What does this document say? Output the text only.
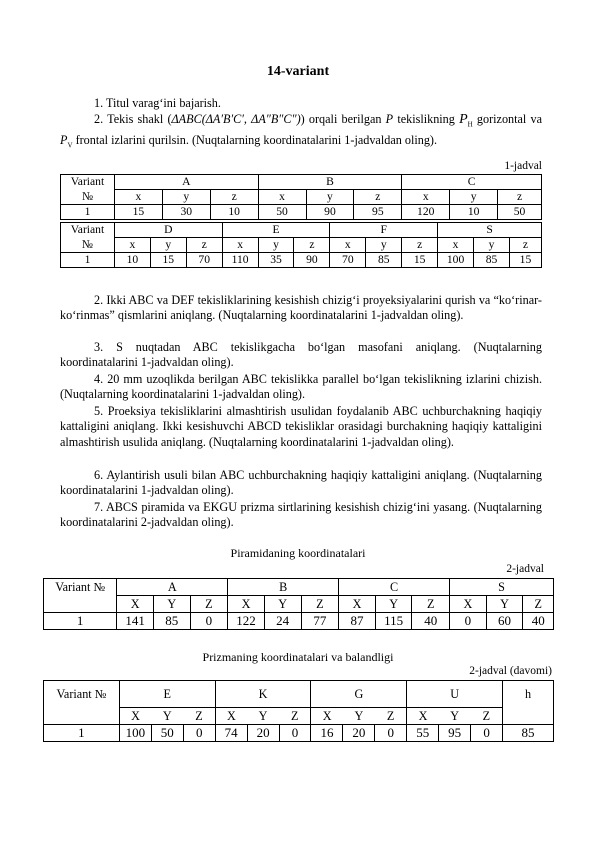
14-variant
1. Titul varag‘ini bajarish.
2. Tekis shakl (ΔABC(ΔA′B′C′, ΔA″B″C″)) orqali berilgan P tekislikning $P_H$ gorizontal va $P_V$ frontal izlarini qurilsin. (Nuqtalarning koordinatalarini 1-jadvaldan oling).
1-jadval
Variant	A			B			C		
№	x	y	z	x	y	z	x	y	z
1	15	30	10	50	90	95	120	10	50
Variant	D			E			F			S		
№	x	y	z	x	y	z	x	y	z	x	y	z
1	10	15	70	110	35	90	70	85	15	100	85	15
2. Ikki ABC va DEF tekisliklarining kesishish chizig‘i proyeksiyalarini qurish va “ko‘rinar-ko‘rinmas” qismlarini aniqlang. (Nuqtalarning koordinatalarini 1-jadvaldan oling).
3. S nuqtadan ABC tekislikgacha bo‘lgan masofani aniqlang. (Nuqtalarning koordinatalarini 1-jadvaldan oling).
4. 20 mm uzoqlikda berilgan ABC tekislikka parallel bo‘lgan tekislikning izlarini chizish. (Nuqtalarning koordinatalarini 1-jadvaldan oling).
5. Proeksiya tekisliklarini almashtirish usulidan foydalanib ABC uchburchakning haqiqiy kattaligini aniqlang. Ikki kesishuvchi ABCD tekisliklar orasidagi burchakning haqiqiy kattaligini almashtirish usulida aniqlang. (Nuqtalarning koordinatalarini 1-jadvaldan oling).
6. Aylantirish usuli bilan ABC uchburchakning haqiqiy kattaligini aniqlang. (Nuqtalarning koordinatalarini 1-jadvaldan oling).
7. ABCS piramida va EKGU prizma sirtlarining kesishish chizig‘ini yasang. (Nuqtalarning koordinatalarini 2-jadvaldan oling).
Piramidaning koordinatalari
2-jadval
Variant №	A			B			C			S		
	X	Y	Z	X	Y	Z	X	Y	Z	X	Y	Z
1	141	85	0	122	24	77	87	115	40	0	60	40
Prizmaning koordinatalari va balandligi
2-jadval (davomi)
Variant №	E			K			G			U			h
	X	Y	Z	X	Y	Z	X	Y	Z	X	Y	Z	
1	100	50	0	74	20	0	16	20	0	55	95	0	85
